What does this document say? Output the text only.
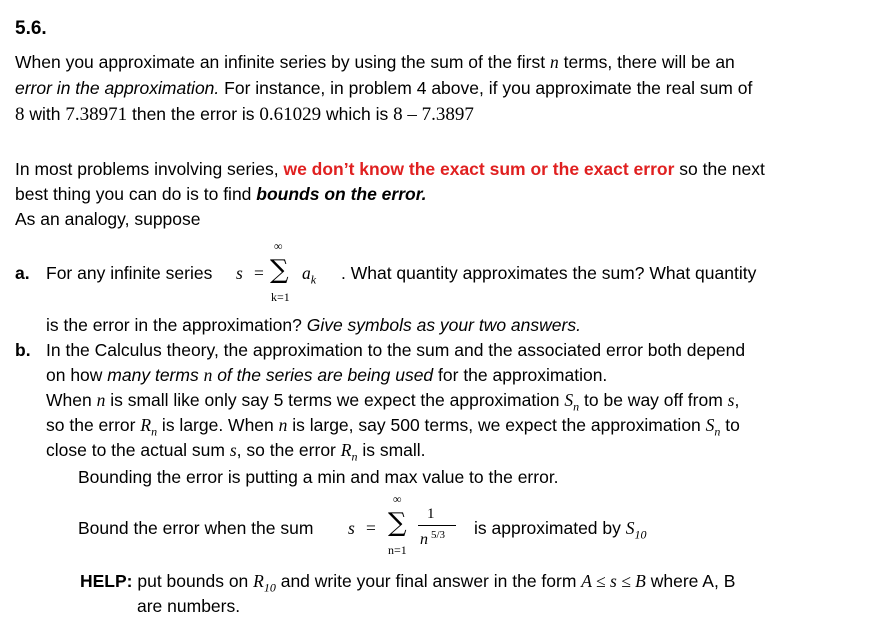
5.6.
When you approximate an infinite series by using the sum of the first n terms, there will be an
error in the approximation. For instance, in problem 4 above, if you approximate the real sum of
8 with 7.38971 then the error is 0.61029 which is 8 – 7.3897
In most problems involving series, we don’t know the exact sum or the exact error so the next
best thing you can do is to find bounds on the error.
As an analogy, suppose
a. For any infinite series s =
∞
∑
k=1
$a_k$ . What quantity approximates the sum? What quantity
is the error in the approximation? Give symbols as your two answers.
b. In the Calculus theory, the approximation to the sum and the associated error both depend
on how many terms n of the series are being used for the approximation.
When n is small like only say 5 terms we expect the approximation $S_n$ to be way off from s,
so the error $R_n$ is large. When n is large, say 500 terms, we expect the approximation $S_n$ to
close to the actual sum s, so the error $R_n$ is small.
Bounding the error is putting a min and max value to the error.
Bound the error when the sum s =
∞
∑
n=1
1
n 5/3 is approximated by $S_{10}$
HELP: put bounds on $R_{10}$ and write your final answer in the form A ≤ s ≤ B where A, B
are numbers.
